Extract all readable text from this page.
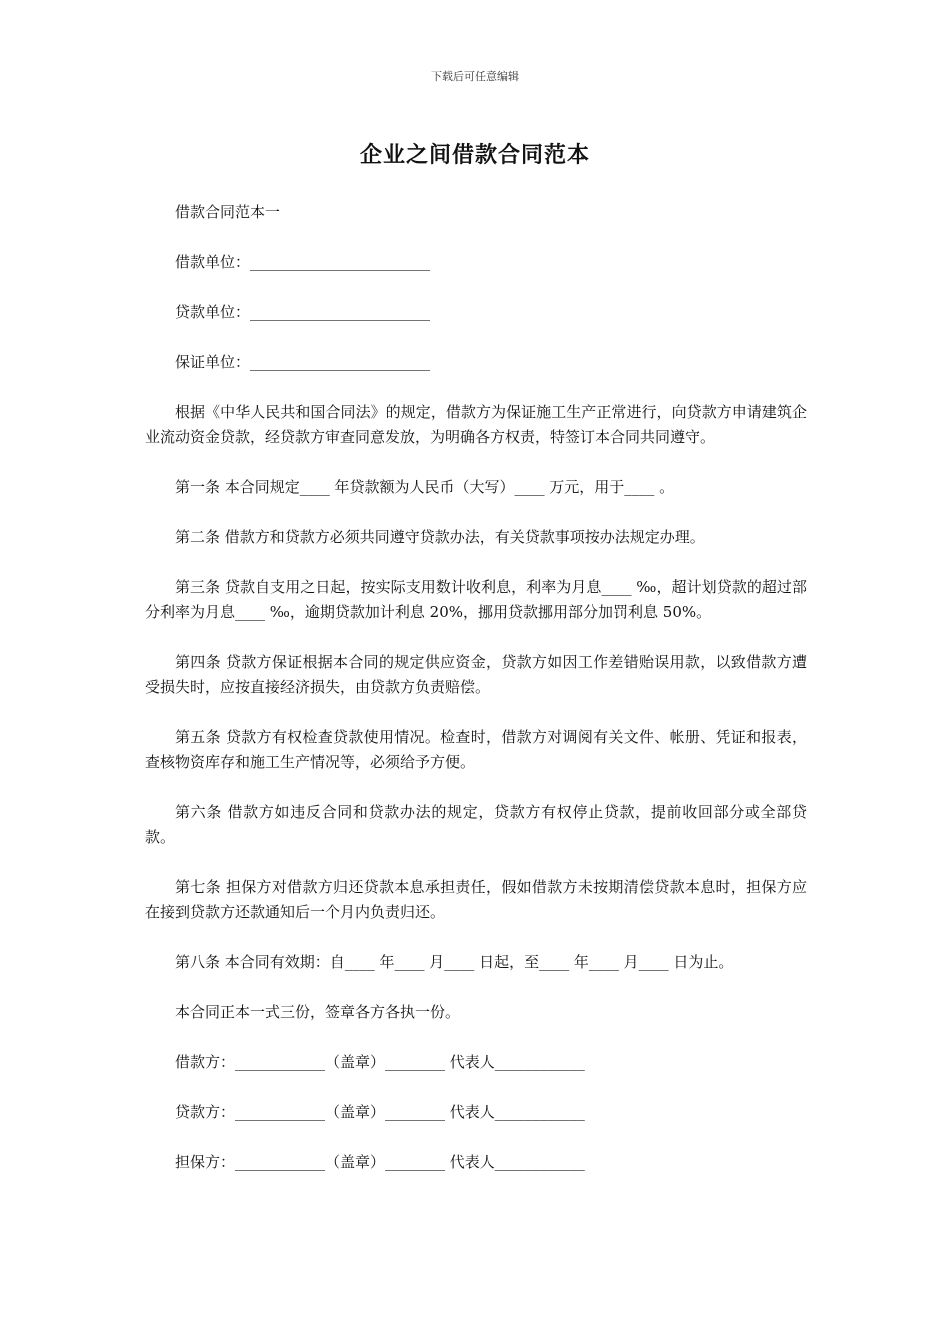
下载后可任意编辑
企业之间借款合同范本

借款合同范本一

借款单位：________________________

贷款单位：________________________

保证单位：________________________

根据《中华人民共和国合同法》的规定，借款方为保证施工生产正常进行，向贷款方申请建筑企业流动资金贷款，经贷款方审查同意发放，为明确各方权责，特签订本合同共同遵守。

第一条 本合同规定____ 年贷款额为人民币（大写）____ 万元，用于____ 。

第二条 借款方和贷款方必须共同遵守贷款办法，有关贷款事项按办法规定办理。

第三条 贷款自支用之日起，按实际支用数计收利息，利率为月息____ ‰，超计划贷款的超过部分利率为月息____ ‰，逾期贷款加计利息 20%，挪用贷款挪用部分加罚利息 50%。

第四条 贷款方保证根据本合同的规定供应资金，贷款方如因工作差错贻误用款，以致借款方遭受损失时，应按直接经济损失，由贷款方负责赔偿。

第五条 贷款方有权检查贷款使用情况。检查时，借款方对调阅有关文件、帐册、凭证和报表，查核物资库存和施工生产情况等，必须给予方便。

第六条 借款方如违反合同和贷款办法的规定，贷款方有权停止贷款，提前收回部分或全部贷款。

第七条 担保方对借款方归还贷款本息承担责任，假如借款方未按期清偿贷款本息时，担保方应在接到贷款方还款通知后一个月内负责归还。

第八条 本合同有效期：自____ 年____ 月____ 日起，至____ 年____ 月____ 日为止。

本合同正本一式三份，签章各方各执一份。

借款方：____________（盖章）________ 代表人____________

贷款方：____________（盖章）________ 代表人____________

担保方：____________（盖章）________ 代表人____________
